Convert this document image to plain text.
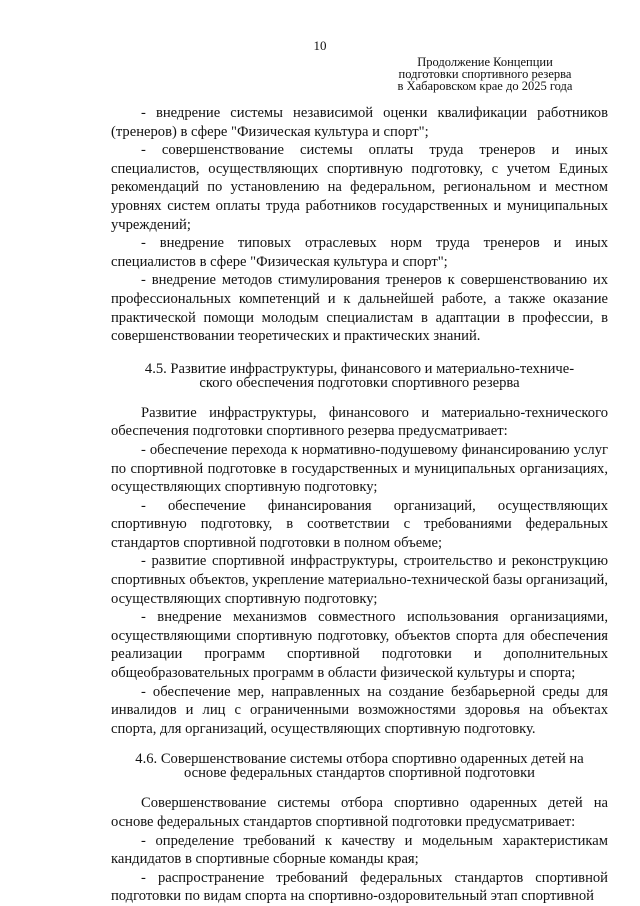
10
Продолжение Концепции
подготовки спортивного резерва
в Хабаровском крае до 2025 года

- внедрение системы независимой оценки квалификации работников (тренеров) в сфере "Физическая культура и спорт";

- совершенствование системы оплаты труда тренеров и иных специалистов, осуществляющих спортивную подготовку, с учетом Единых рекомендаций по установлению на федеральном, региональном и местном уровнях систем оплаты труда работников государственных и муниципальных учреждений;

- внедрение типовых отраслевых норм труда тренеров и иных специалистов в сфере "Физическая культура и спорт";

- внедрение методов стимулирования тренеров к совершенствованию их профессиональных компетенций и к дальнейшей работе, а также оказание практической помощи молодым специалистам в адаптации в профессии, в совершенствовании теоретических и практических знаний.

4.5. Развитие инфраструктуры, финансового и материально-техниче-
ского обеспечения подготовки спортивного резерва

Развитие инфраструктуры, финансового и материально-технического обеспечения подготовки спортивного резерва предусматривает:

- обеспечение перехода к нормативно-подушевому финансированию услуг по спортивной подготовке в государственных и муниципальных организациях, осуществляющих спортивную подготовку;

- обеспечение финансирования организаций, осуществляющих спортивную подготовку, в соответствии с требованиями федеральных стандартов спортивной подготовки в полном объеме;

- развитие спортивной инфраструктуры, строительство и реконструкцию спортивных объектов, укрепление материально-технической базы организаций, осуществляющих спортивную подготовку;

- внедрение механизмов совместного использования организациями, осуществляющими спортивную подготовку, объектов спорта для обеспечения реализации программ спортивной подготовки и дополнительных общеобразовательных программ в области физической культуры и спорта;

- обеспечение мер, направленных на создание безбарьерной среды для инвалидов и лиц с ограниченными возможностями здоровья на объектах спорта, для организаций, осуществляющих спортивную подготовку.

4.6. Совершенствование системы отбора спортивно одаренных детей на
основе федеральных стандартов спортивной подготовки

Совершенствование системы отбора спортивно одаренных детей на основе федеральных стандартов спортивной подготовки предусматривает:

- определение требований к качеству и модельным характеристикам кандидатов в спортивные сборные команды края;

- распространение требований федеральных стандартов спортивной подготовки по видам спорта на спортивно-оздоровительный этап спортивной
